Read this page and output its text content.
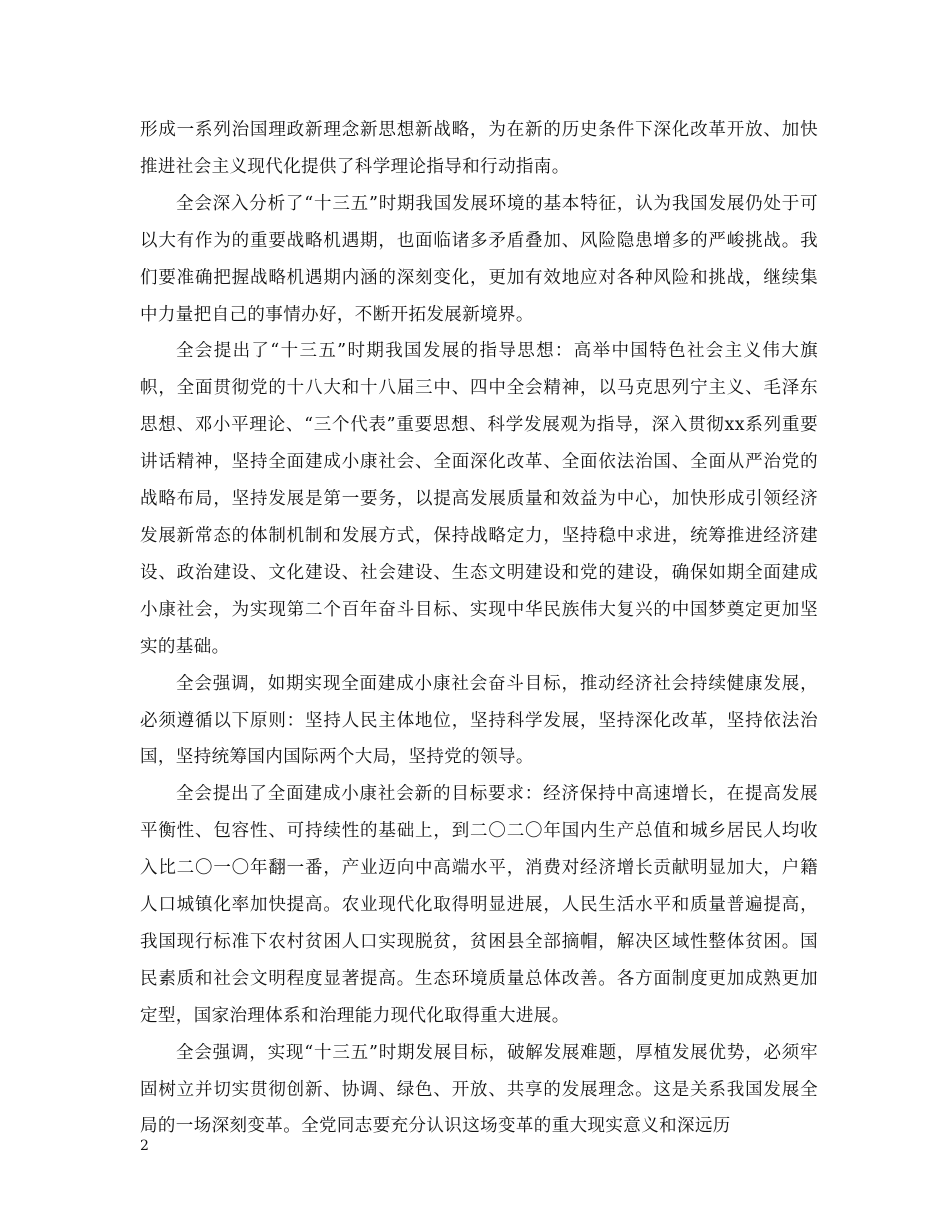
形成一系列治国理政新理念新思想新战略，为在新的历史条件下深化改革开放、加快推进社会主义现代化提供了科学理论指导和行动指南。

全会深入分析了“十三五”时期我国发展环境的基本特征，认为我国发展仍处于可以大有作为的重要战略机遇期，也面临诸多矛盾叠加、风险隐患增多的严峻挑战。我们要准确把握战略机遇期内涵的深刻变化，更加有效地应对各种风险和挑战，继续集中力量把自己的事情办好，不断开拓发展新境界。

全会提出了“十三五”时期我国发展的指导思想：高举中国特色社会主义伟大旗帜，全面贯彻党的十八大和十八届三中、四中全会精神，以马克思列宁主义、毛泽东思想、邓小平理论、“三个代表”重要思想、科学发展观为指导，深入贯彻xx系列重要讲话精神，坚持全面建成小康社会、全面深化改革、全面依法治国、全面从严治党的战略布局，坚持发展是第一要务，以提高发展质量和效益为中心，加快形成引领经济发展新常态的体制机制和发展方式，保持战略定力，坚持稳中求进，统筹推进经济建设、政治建设、文化建设、社会建设、生态文明建设和党的建设，确保如期全面建成小康社会，为实现第二个百年奋斗目标、实现中华民族伟大复兴的中国梦奠定更加坚实的基础。

全会强调，如期实现全面建成小康社会奋斗目标，推动经济社会持续健康发展，必须遵循以下原则：坚持人民主体地位，坚持科学发展，坚持深化改革，坚持依法治国，坚持统筹国内国际两个大局，坚持党的领导。

全会提出了全面建成小康社会新的目标要求：经济保持中高速增长，在提高发展平衡性、包容性、可持续性的基础上，到二〇二〇年国内生产总值和城乡居民人均收入比二〇一〇年翻一番，产业迈向中高端水平，消费对经济增长贡献明显加大，户籍人口城镇化率加快提高。农业现代化取得明显进展，人民生活水平和质量普遍提高，我国现行标准下农村贫困人口实现脱贫，贫困县全部摘帽，解决区域性整体贫困。国民素质和社会文明程度显著提高。生态环境质量总体改善。各方面制度更加成熟更加定型，国家治理体系和治理能力现代化取得重大进展。

全会强调，实现“十三五”时期发展目标，破解发展难题，厚植发展优势，必须牢固树立并切实贯彻创新、协调、绿色、开放、共享的发展理念。这是关系我国发展全局的一场深刻变革。全党同志要充分认识这场变革的重大现实意义和深远历

2
